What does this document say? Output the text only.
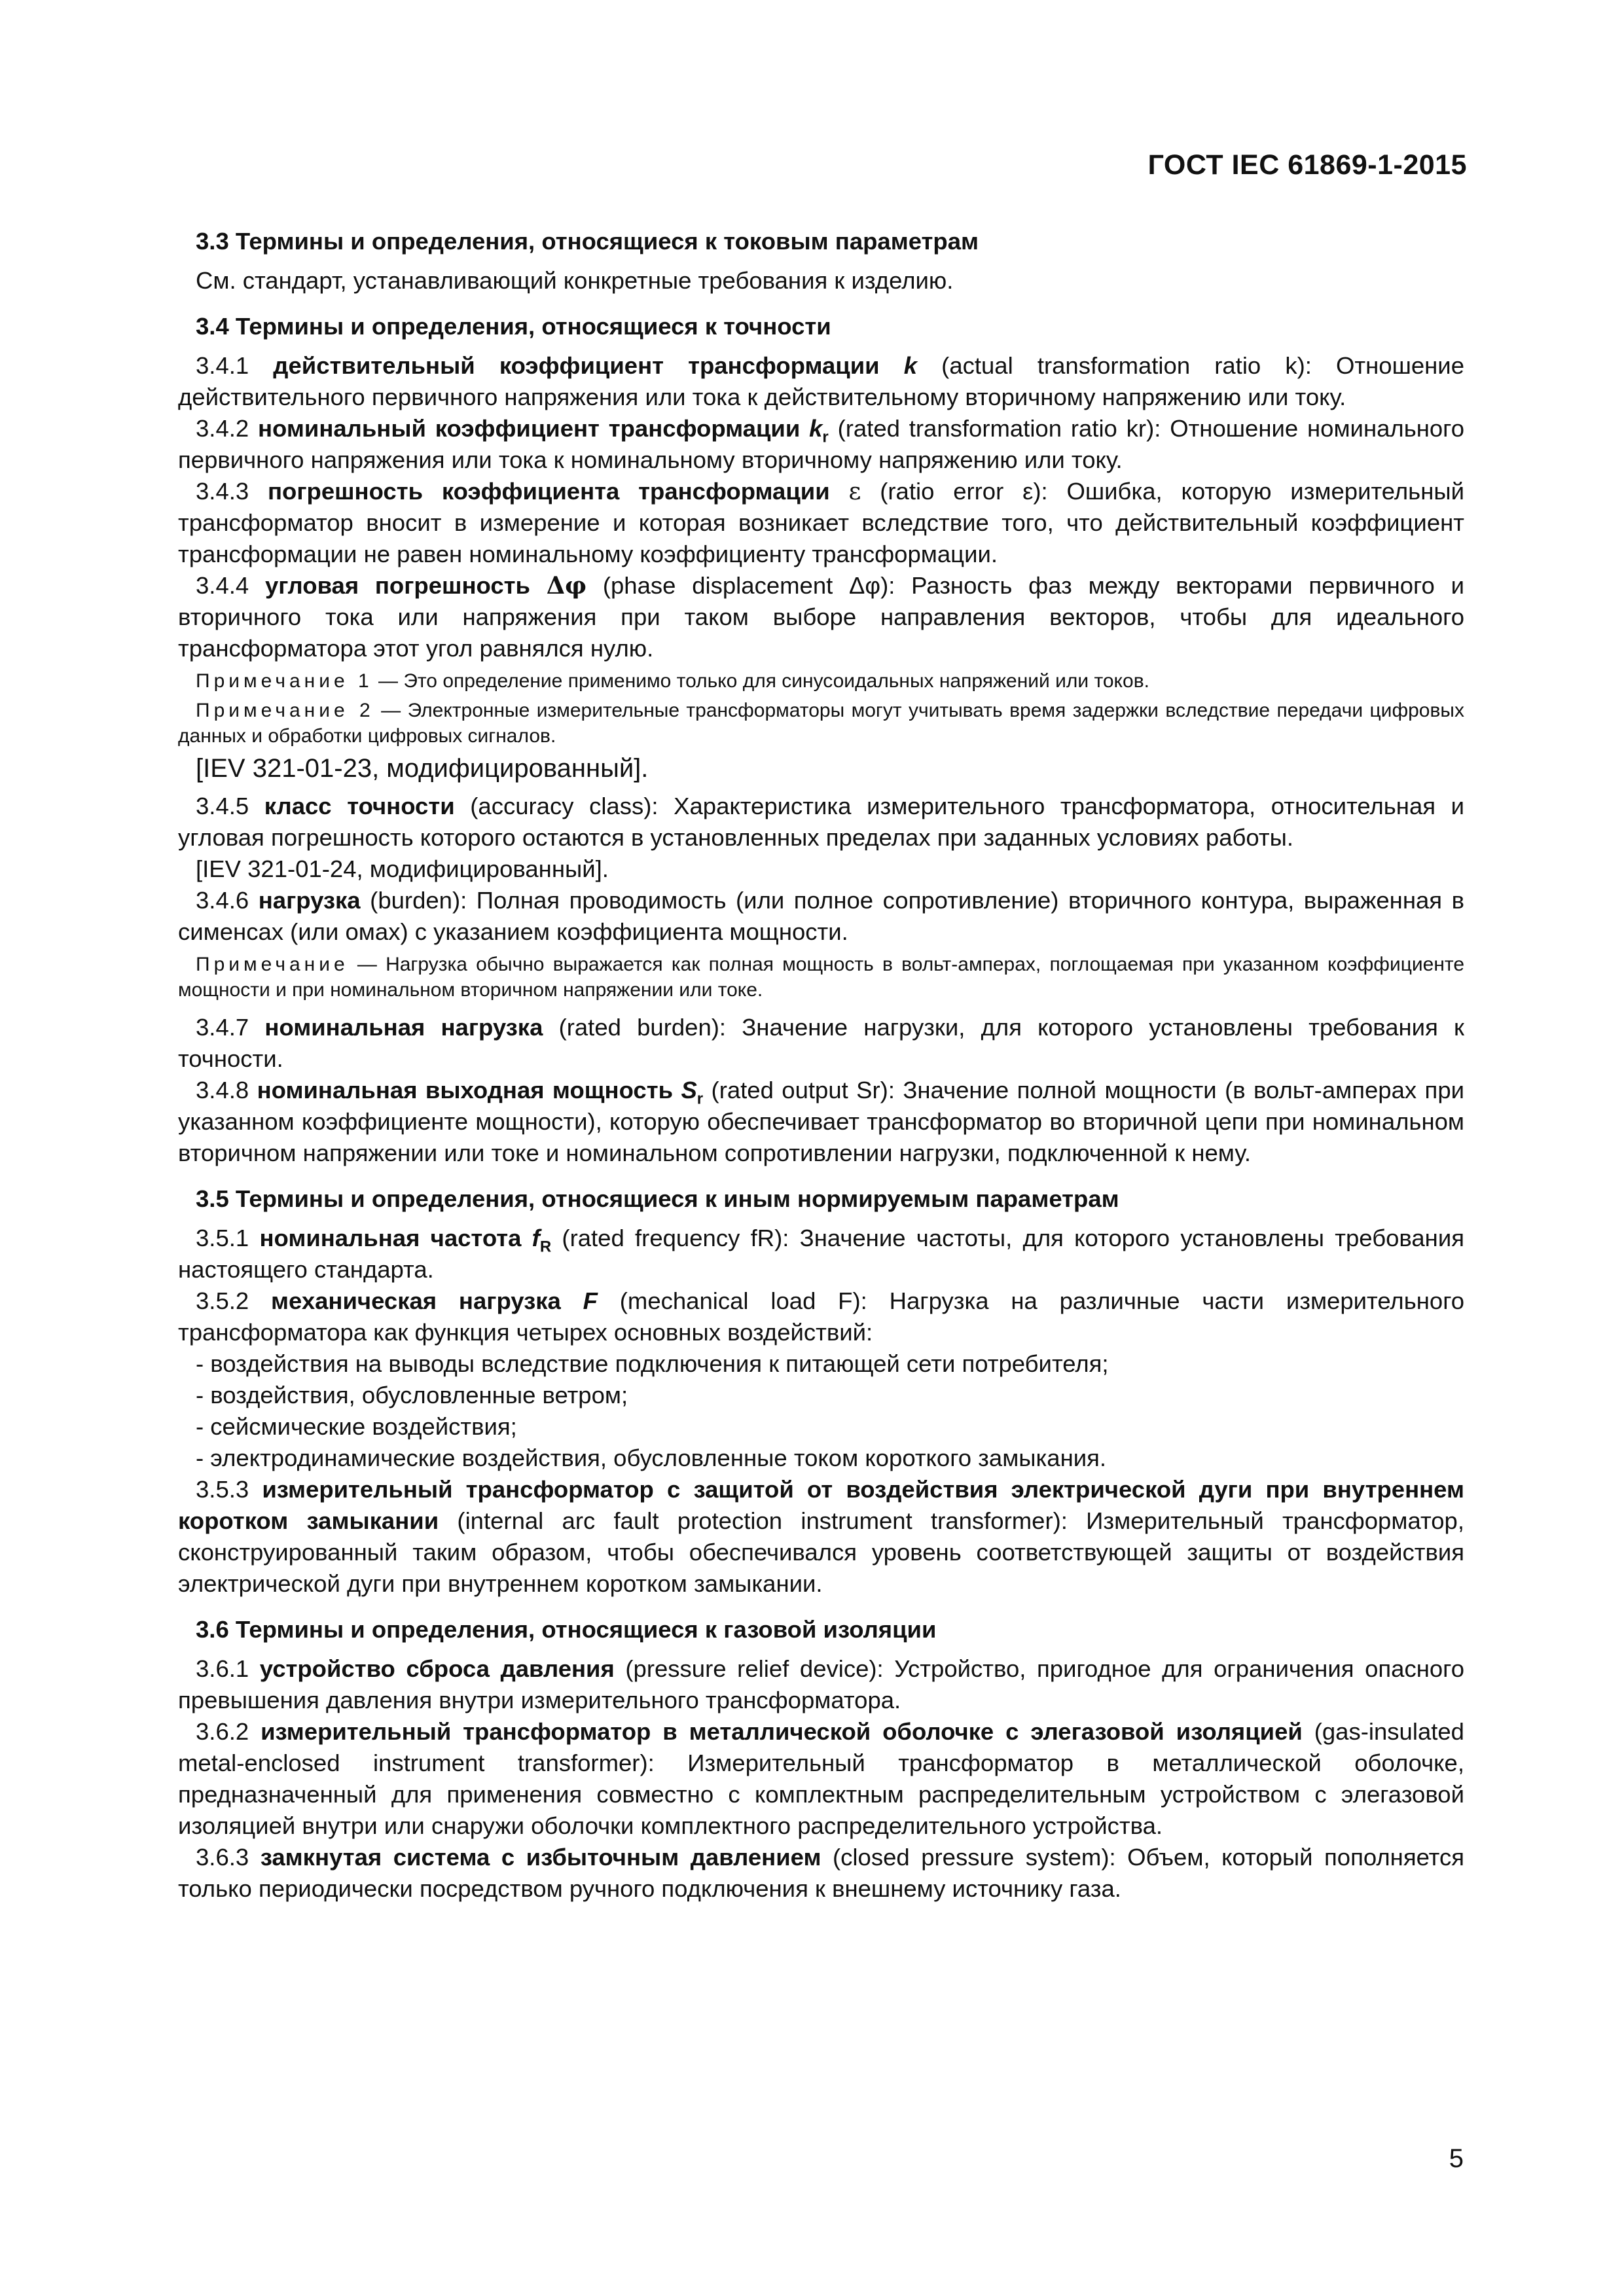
ГОСТ IEC 61869-1-2015
3.3 Термины и определения, относящиеся к токовым параметрам
См. стандарт, устанавливающий конкретные требования к изделию.
3.4 Термины и определения, относящиеся к точности

3.4.1 действительный коэффициент трансформации k (actual transformation ratio k): Отношение действительного первичного напряжения или тока к действительному вторичному напряжению или току.

3.4.2 номинальный коэффициент трансформации $k_r$ (rated transformation ratio kr): Отношение номинального первичного напряжения или тока к номинальному вторичному напряжению или току.

3.4.3 погрешность коэффициента трансформации ε (ratio error ε): Ошибка, которую измерительный трансформатор вносит в измерение и которая возникает вследствие того, что действительный коэффициент трансформации не равен номинальному коэффициенту трансформации.

3.4.4 угловая погрешность Δφ (phase displacement Δφ): Разность фаз между векторами первичного и вторичного тока или напряжения при таком выборе направления векторов, чтобы для идеального трансформатора этот угол равнялся нулю.

Примечание 1 — Это определение применимо только для синусоидальных напряжений или токов.

Примечание 2 — Электронные измерительные трансформаторы могут учитывать время задержки вследствие передачи цифровых данных и обработки цифровых сигналов.

[IEV 321-01-23, модифицированный].

3.4.5 класс точности (accuracy class): Характеристика измерительного трансформатора, относительная и угловая погрешность которого остаются в установленных пределах при заданных условиях работы.

[IEV 321-01-24, модифицированный].

3.4.6 нагрузка (burden): Полная проводимость (или полное сопротивление) вторичного контура, выраженная в сименсах (или омах) с указанием коэффициента мощности.

Примечание — Нагрузка обычно выражается как полная мощность в вольт-амперах, поглощаемая при указанном коэффициенте мощности и при номинальном вторичном напряжении или токе.

3.4.7 номинальная нагрузка (rated burden): Значение нагрузки, для которого установлены требования к точности.

3.4.8 номинальная выходная мощность $S_r$ (rated output Sr): Значение полной мощности (в вольт-амперах при указанном коэффициенте мощности), которую обеспечивает трансформатор во вторичной цепи при номинальном вторичном напряжении или токе и номинальном сопротивлении нагрузки, подключенной к нему.

3.5 Термины и определения, относящиеся к иным нормируемым параметрам

3.5.1 номинальная частота $f_R$ (rated frequency fR): Значение частоты, для которого установлены требования настоящего стандарта.

3.5.2 механическая нагрузка F (mechanical load F): Нагрузка на различные части измерительного трансформатора как функция четырех основных воздействий:

- воздействия на выводы вследствие подключения к питающей сети потребителя;
- воздействия, обусловленные ветром;
- сейсмические воздействия;
- электродинамические воздействия, обусловленные током короткого замыкания.

3.5.3 измерительный трансформатор с защитой от воздействия электрической дуги при внутреннем коротком замыкании (internal arc fault protection instrument transformer): Измерительный трансформатор, сконструированный таким образом, чтобы обеспечивался уровень соответствующей защиты от воздействия электрической дуги при внутреннем коротком замыкании.

3.6 Термины и определения, относящиеся к газовой изоляции

3.6.1 устройство сброса давления (pressure relief device): Устройство, пригодное для ограничения опасного превышения давления внутри измерительного трансформатора.

3.6.2 измерительный трансформатор в металлической оболочке с элегазовой изоляцией (gas-insulated metal-enclosed instrument transformer): Измерительный трансформатор в металлической оболочке, предназначенный для применения совместно с комплектным распределительным устройством с элегазовой изоляцией внутри или снаружи оболочки комплектного распределительного устройства.

3.6.3 замкнутая система с избыточным давлением (closed pressure system): Объем, который пополняется только периодически посредством ручного подключения к внешнему источнику газа.

5
